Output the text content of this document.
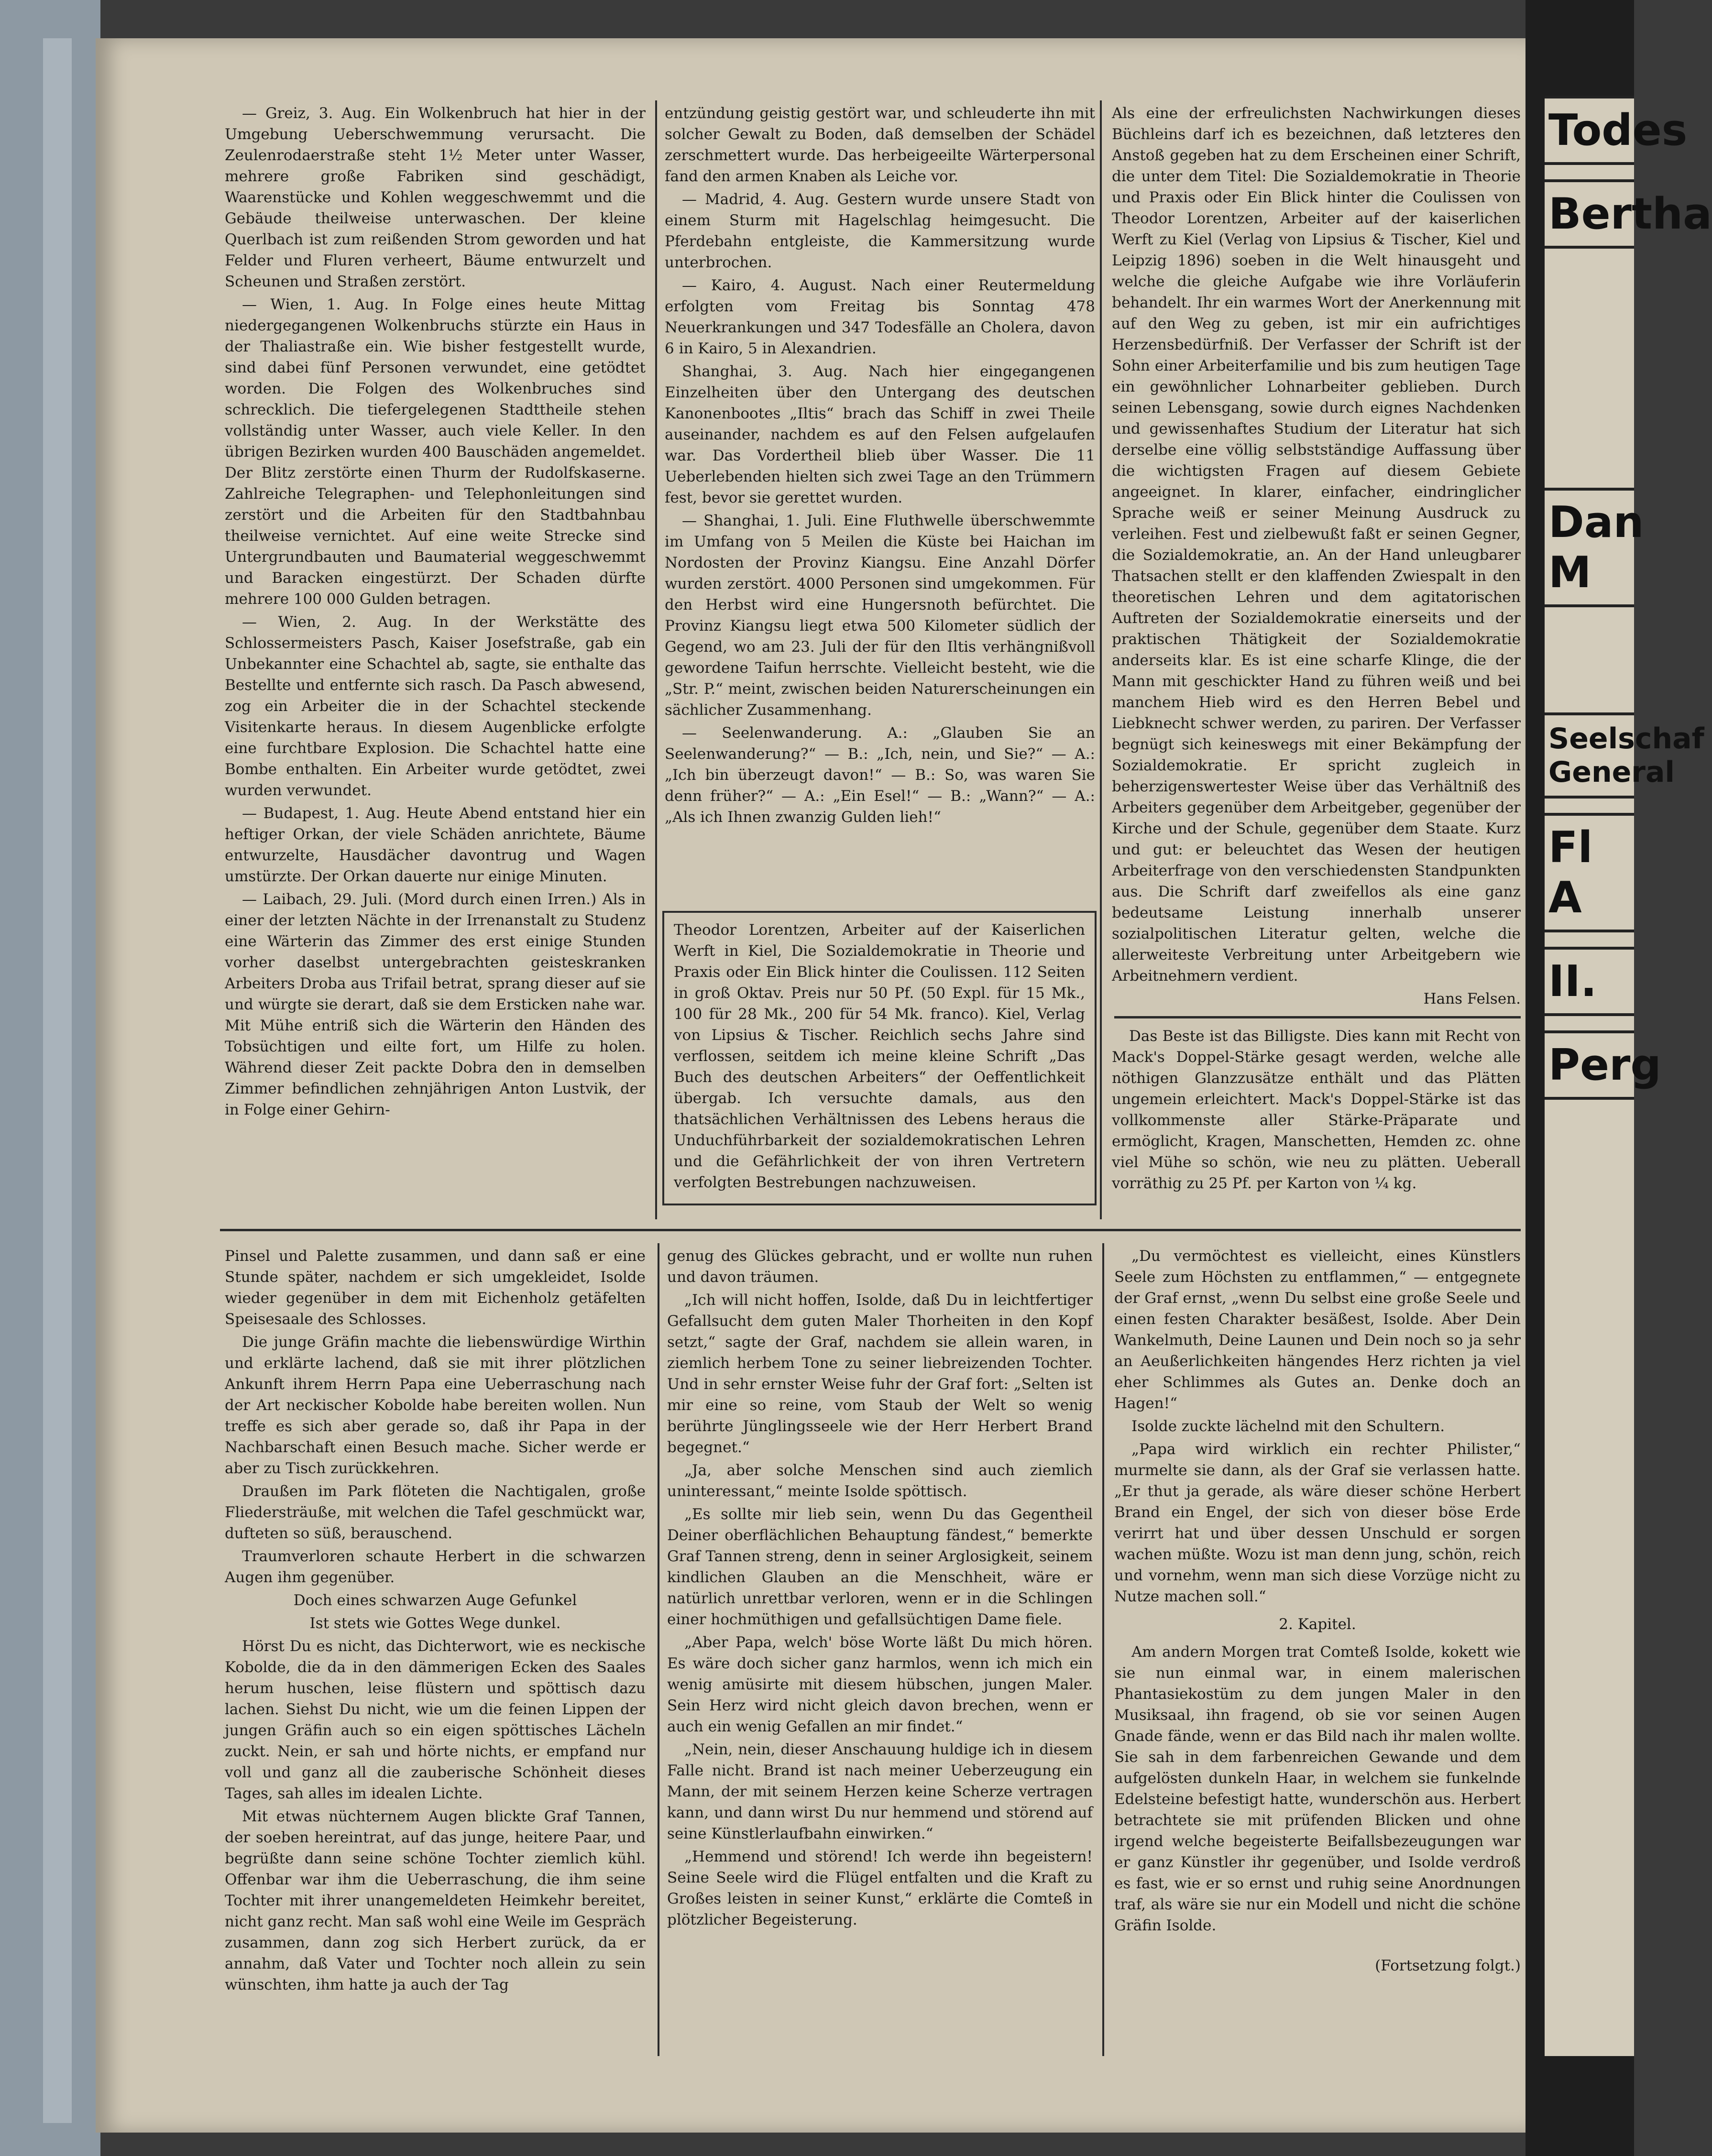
Todes
Bertha
Dan
M
Seelschaf
General
Fl
A
II.
Perg

— Greiz, 3. Aug. Ein Wolkenbruch hat hier in der Umgebung Ueberschwemmung verursacht. Die Zeulenrodaerstraße steht 1½ Meter unter Wasser, mehrere große Fabriken sind geschädigt, Waarenstücke und Kohlen weggeschwemmt und die Gebäude theilweise unterwaschen. Der kleine Querlbach ist zum reißenden Strom geworden und hat Felder und Fluren verheert, Bäume entwurzelt und Scheunen und Straßen zerstört.

— Wien, 1. Aug. In Folge eines heute Mittag niedergegangenen Wolkenbruchs stürzte ein Haus in der Thaliastraße ein. Wie bisher festgestellt wurde, sind dabei fünf Personen verwundet, eine getödtet worden. Die Folgen des Wolkenbruches sind schrecklich. Die tiefergelegenen Stadttheile stehen vollständig unter Wasser, auch viele Keller. In den übrigen Bezirken wurden 400 Bauschäden angemeldet. Der Blitz zerstörte einen Thurm der Rudolfskaserne. Zahlreiche Telegraphen- und Telephonleitungen sind zerstört und die Arbeiten für den Stadtbahnbau theilweise vernichtet. Auf eine weite Strecke sind Untergrundbauten und Baumaterial weggeschwemmt und Baracken eingestürzt. Der Schaden dürfte mehrere 100 000 Gulden betragen.

— Wien, 2. Aug. In der Werkstätte des Schlossermeisters Pasch, Kaiser Josefstraße, gab ein Unbekannter eine Schachtel ab, sagte, sie enthalte das Bestellte und entfernte sich rasch. Da Pasch abwesend, zog ein Arbeiter die in der Schachtel steckende Visitenkarte heraus. In diesem Augenblicke erfolgte eine furchtbare Explosion. Die Schachtel hatte eine Bombe enthalten. Ein Arbeiter wurde getödtet, zwei wurden verwundet.

— Budapest, 1. Aug. Heute Abend entstand hier ein heftiger Orkan, der viele Schäden anrichtete, Bäume entwurzelte, Hausdächer davontrug und Wagen umstürzte. Der Orkan dauerte nur einige Minuten.

— Laibach, 29. Juli. (Mord durch einen Irren.) Als in einer der letzten Nächte in der Irrenanstalt zu Studenz eine Wärterin das Zimmer des erst einige Stunden vorher daselbst untergebrachten geisteskranken Arbeiters Droba aus Trifail betrat, sprang dieser auf sie und würgte sie derart, daß sie dem Ersticken nahe war. Mit Mühe entriß sich die Wärterin den Händen des Tobsüchtigen und eilte fort, um Hilfe zu holen. Während dieser Zeit packte Dobra den in demselben Zimmer befindlichen zehnjährigen Anton Lustvik, der in Folge einer Gehirn-

entzündung geistig gestört war, und schleuderte ihn mit solcher Gewalt zu Boden, daß demselben der Schädel zerschmettert wurde. Das herbeigeeilte Wärterpersonal fand den armen Knaben als Leiche vor.

— Madrid, 4. Aug. Gestern wurde unsere Stadt von einem Sturm mit Hagelschlag heimgesucht. Die Pferdebahn entgleiste, die Kammersitzung wurde unterbrochen.

— Kairo, 4. August. Nach einer Reutermeldung erfolgten vom Freitag bis Sonntag 478 Neuerkrankungen und 347 Todesfälle an Cholera, davon 6 in Kairo, 5 in Alexandrien.

Shanghai, 3. Aug. Nach hier eingegangenen Einzelheiten über den Untergang des deutschen Kanonenbootes „Iltis“ brach das Schiff in zwei Theile auseinander, nachdem es auf den Felsen aufgelaufen war. Das Vordertheil blieb über Wasser. Die 11 Ueberlebenden hielten sich zwei Tage an den Trümmern fest, bevor sie gerettet wurden.

— Shanghai, 1. Juli. Eine Fluthwelle überschwemmte im Umfang von 5 Meilen die Küste bei Haichan im Nordosten der Provinz Kiangsu. Eine Anzahl Dörfer wurden zerstört. 4000 Personen sind umgekommen. Für den Herbst wird eine Hungersnoth befürchtet. Die Provinz Kiangsu liegt etwa 500 Kilometer südlich der Gegend, wo am 23. Juli der für den Iltis verhängnißvoll gewordene Taifun herrschte. Vielleicht besteht, wie die „Str. P.“ meint, zwischen beiden Naturerscheinungen ein sächlicher Zusammenhang.

— Seelenwanderung. A.: „Glauben Sie an Seelenwanderung?“ — B.: „Ich, nein, und Sie?“ — A.: „Ich bin überzeugt davon!“ — B.: So, was waren Sie denn früher?“ — A.: „Ein Esel!“ — B.: „Wann?“ — A.: „Als ich Ihnen zwanzig Gulden lieh!“

Theodor Lorentzen, Arbeiter auf der Kaiserlichen Werft in Kiel, Die Sozialdemokratie in Theorie und Praxis oder Ein Blick hinter die Coulissen. 112 Seiten in groß Oktav. Preis nur 50 Pf. (50 Expl. für 15 Mk., 100 für 28 Mk., 200 für 54 Mk. franco). Kiel, Verlag von Lipsius & Tischer. Reichlich sechs Jahre sind verflossen, seitdem ich meine kleine Schrift „Das Buch des deutschen Arbeiters“ der Oeffentlichkeit übergab. Ich versuchte damals, aus den thatsächlichen Verhältnissen des Lebens heraus die Unduchführbarkeit der sozialdemokratischen Lehren und die Gefährlichkeit der von ihren Vertretern verfolgten Bestrebungen nachzuweisen.

Als eine der erfreulichsten Nachwirkungen dieses Büchleins darf ich es bezeichnen, daß letzteres den Anstoß gegeben hat zu dem Erscheinen einer Schrift, die unter dem Titel: Die Sozialdemokratie in Theorie und Praxis oder Ein Blick hinter die Coulissen von Theodor Lorentzen, Arbeiter auf der kaiserlichen Werft zu Kiel (Verlag von Lipsius & Tischer, Kiel und Leipzig 1896) soeben in die Welt hinausgeht und welche die gleiche Aufgabe wie ihre Vorläuferin behandelt. Ihr ein warmes Wort der Anerkennung mit auf den Weg zu geben, ist mir ein aufrichtiges Herzensbedürfniß. Der Verfasser der Schrift ist der Sohn einer Arbeiterfamilie und bis zum heutigen Tage ein gewöhnlicher Lohnarbeiter geblieben. Durch seinen Lebensgang, sowie durch eignes Nachdenken und gewissenhaftes Studium der Literatur hat sich derselbe eine völlig selbstständige Auffassung über die wichtigsten Fragen auf diesem Gebiete angeeignet. In klarer, einfacher, eindringlicher Sprache weiß er seiner Meinung Ausdruck zu verleihen. Fest und zielbewußt faßt er seinen Gegner, die Sozialdemokratie, an. An der Hand unleugbarer Thatsachen stellt er den klaffenden Zwiespalt in den theoretischen Lehren und dem agitatorischen Auftreten der Sozialdemokratie einerseits und der praktischen Thätigkeit der Sozialdemokratie anderseits klar. Es ist eine scharfe Klinge, die der Mann mit geschickter Hand zu führen weiß und bei manchem Hieb wird es den Herren Bebel und Liebknecht schwer werden, zu pariren. Der Verfasser begnügt sich keineswegs mit einer Bekämpfung der Sozialdemokratie. Er spricht zugleich in beherzigenswertester Weise über das Verhältniß des Arbeiters gegenüber dem Arbeitgeber, gegenüber der Kirche und der Schule, gegenüber dem Staate. Kurz und gut: er beleuchtet das Wesen der heutigen Arbeiterfrage von den verschiedensten Standpunkten aus. Die Schrift darf zweifellos als eine ganz bedeutsame Leistung innerhalb unserer sozialpolitischen Literatur gelten, welche die allerweiteste Verbreitung unter Arbeitgebern wie Arbeitnehmern verdient.

Hans Felsen.

Das Beste ist das Billigste. Dies kann mit Recht von Mack's Doppel-Stärke gesagt werden, welche alle nöthigen Glanzzusätze enthält und das Plätten ungemein erleichtert. Mack's Doppel-Stärke ist das vollkommenste aller Stärke-Präparate und ermöglicht, Kragen, Manschetten, Hemden zc. ohne viel Mühe so schön, wie neu zu plätten. Ueberall vorräthig zu 25 Pf. per Karton von ¼ kg.

Pinsel und Palette zusammen, und dann saß er eine Stunde später, nachdem er sich umgekleidet, Isolde wieder gegenüber in dem mit Eichenholz getäfelten Speisesaale des Schlosses.

Die junge Gräfin machte die liebenswürdige Wirthin und erklärte lachend, daß sie mit ihrer plötzlichen Ankunft ihrem Herrn Papa eine Ueberraschung nach der Art neckischer Kobolde habe bereiten wollen. Nun treffe es sich aber gerade so, daß ihr Papa in der Nachbarschaft einen Besuch mache. Sicher werde er aber zu Tisch zurückkehren.

Draußen im Park flöteten die Nachtigalen, große Fliedersträuße, mit welchen die Tafel geschmückt war, dufteten so süß, berauschend.

Traumverloren schaute Herbert in die schwarzen Augen ihm gegenüber.

Doch eines schwarzen Auge Gefunkel

Ist stets wie Gottes Wege dunkel.

Hörst Du es nicht, das Dichterwort, wie es neckische Kobolde, die da in den dämmerigen Ecken des Saales herum huschen, leise flüstern und spöttisch dazu lachen. Siehst Du nicht, wie um die feinen Lippen der jungen Gräfin auch so ein eigen spöttisches Lächeln zuckt. Nein, er sah und hörte nichts, er empfand nur voll und ganz all die zauberische Schönheit dieses Tages, sah alles im idealen Lichte.

Mit etwas nüchternem Augen blickte Graf Tannen, der soeben hereintrat, auf das junge, heitere Paar, und begrüßte dann seine schöne Tochter ziemlich kühl. Offenbar war ihm die Ueberraschung, die ihm seine Tochter mit ihrer unangemeldeten Heimkehr bereitet, nicht ganz recht. Man saß wohl eine Weile im Gespräch zusammen, dann zog sich Herbert zurück, da er annahm, daß Vater und Tochter noch allein zu sein wünschten, ihm hatte ja auch der Tag

genug des Glückes gebracht, und er wollte nun ruhen und davon träumen.

„Ich will nicht hoffen, Isolde, daß Du in leichtfertiger Gefallsucht dem guten Maler Thorheiten in den Kopf setzt,“ sagte der Graf, nachdem sie allein waren, in ziemlich herbem Tone zu seiner liebreizenden Tochter. Und in sehr ernster Weise fuhr der Graf fort: „Selten ist mir eine so reine, vom Staub der Welt so wenig berührte Jünglingsseele wie der Herr Herbert Brand begegnet.“

„Ja, aber solche Menschen sind auch ziemlich uninteressant,“ meinte Isolde spöttisch.

„Es sollte mir lieb sein, wenn Du das Gegentheil Deiner oberflächlichen Behauptung fändest,“ bemerkte Graf Tannen streng, denn in seiner Arglosigkeit, seinem kindlichen Glauben an die Menschheit, wäre er natürlich unrettbar verloren, wenn er in die Schlingen einer hochmüthigen und gefallsüchtigen Dame fiele.

„Aber Papa, welch' böse Worte läßt Du mich hören. Es wäre doch sicher ganz harmlos, wenn ich mich ein wenig amüsirte mit diesem hübschen, jungen Maler. Sein Herz wird nicht gleich davon brechen, wenn er auch ein wenig Gefallen an mir findet.“

„Nein, nein, dieser Anschauung huldige ich in diesem Falle nicht. Brand ist nach meiner Ueberzeugung ein Mann, der mit seinem Herzen keine Scherze vertragen kann, und dann wirst Du nur hemmend und störend auf seine Künstlerlaufbahn einwirken.“

„Hemmend und störend! Ich werde ihn begeistern! Seine Seele wird die Flügel entfalten und die Kraft zu Großes leisten in seiner Kunst,“ erklärte die Comteß in plötzlicher Begeisterung.

„Du vermöchtest es vielleicht, eines Künstlers Seele zum Höchsten zu entflammen,“ — entgegnete der Graf ernst, „wenn Du selbst eine große Seele und einen festen Charakter besäßest, Isolde. Aber Dein Wankelmuth, Deine Launen und Dein noch so ja sehr an Aeußerlichkeiten hängendes Herz richten ja viel eher Schlimmes als Gutes an. Denke doch an Hagen!“

Isolde zuckte lächelnd mit den Schultern.

„Papa wird wirklich ein rechter Philister,“ murmelte sie dann, als der Graf sie verlassen hatte. „Er thut ja gerade, als wäre dieser schöne Herbert Brand ein Engel, der sich von dieser böse Erde verirrt hat und über dessen Unschuld er sorgen wachen müßte. Wozu ist man denn jung, schön, reich und vornehm, wenn man sich diese Vorzüge nicht zu Nutze machen soll.“

2. Kapitel.

Am andern Morgen trat Comteß Isolde, kokett wie sie nun einmal war, in einem malerischen Phantasiekostüm zu dem jungen Maler in den Musiksaal, ihn fragend, ob sie vor seinen Augen Gnade fände, wenn er das Bild nach ihr malen wollte. Sie sah in dem farbenreichen Gewande und dem aufgelösten dunkeln Haar, in welchem sie funkelnde Edelsteine befestigt hatte, wunderschön aus. Herbert betrachtete sie mit prüfenden Blicken und ohne irgend welche begeisterte Beifallsbezeugungen war er ganz Künstler ihr gegenüber, und Isolde verdroß es fast, wie er so ernst und ruhig seine Anordnungen traf, als wäre sie nur ein Modell und nicht die schöne Gräfin Isolde.

(Fortsetzung folgt.)
